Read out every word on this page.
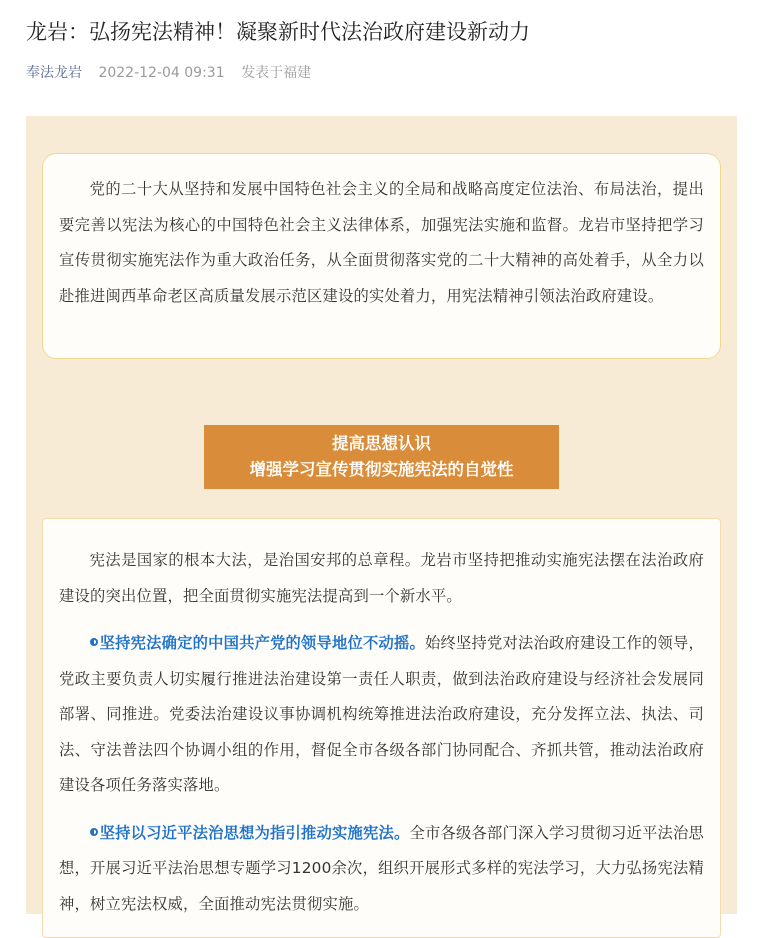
龙岩：弘扬宪法精神！凝聚新时代法治政府建设新动力
奉法龙岩 2022-12-04 09:31 发表于福建

党的二十大从坚持和发展中国特色社会主义的全局和战略高度定位法治、布局法治，提出要完善以宪法为核心的中国特色社会主义法律体系，加强宪法实施和监督。龙岩市坚持把学习宣传贯彻实施宪法作为重大政治任务，从全面贯彻落实党的二十大精神的高处着手，从全力以赴推进闽西革命老区高质量发展示范区建设的实处着力，用宪法精神引领法治政府建设。

提高思想认识
增强学习宣传贯彻实施宪法的自觉性

宪法是国家的根本大法，是治国安邦的总章程。龙岩市坚持把推动实施宪法摆在法治政府建设的突出位置，把全面贯彻实施宪法提高到一个新水平。

坚持宪法确定的中国共产党的领导地位不动摇。始终坚持党对法治政府建设工作的领导，党政主要负责人切实履行推进法治建设第一责任人职责，做到法治政府建设与经济社会发展同部署、同推进。党委法治建设议事协调机构统筹推进法治政府建设，充分发挥立法、执法、司法、守法普法四个协调小组的作用，督促全市各级各部门协同配合、齐抓共管，推动法治政府建设各项任务落实落地。

坚持以习近平法治思想为指引推动实施宪法。全市各级各部门深入学习贯彻习近平法治思想，开展习近平法治思想专题学习1200余次，组织开展形式多样的宪法学习，大力弘扬宪法精神，树立宪法权威，全面推动宪法贯彻实施。
